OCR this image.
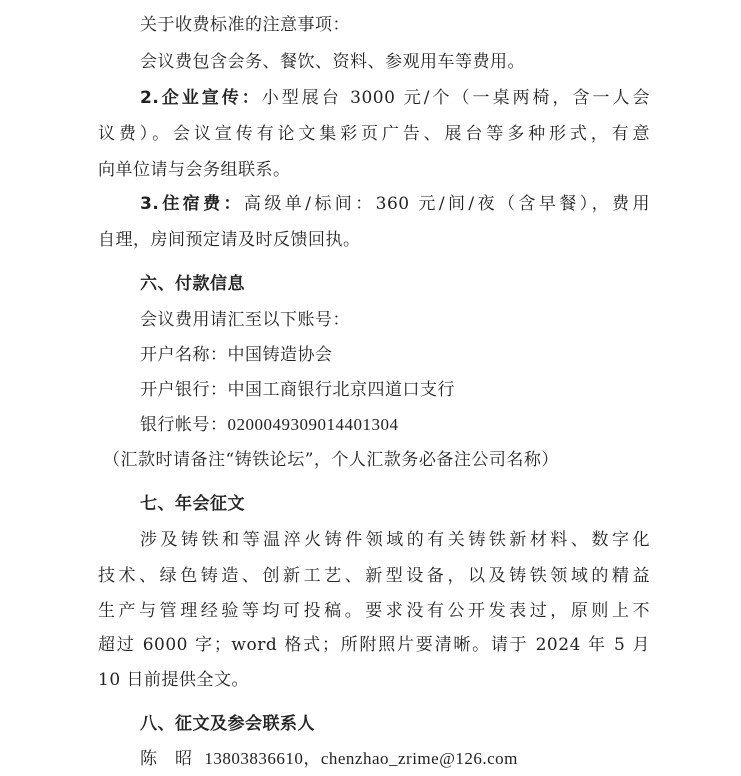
关于收费标准的注意事项：
会议费包含会务、餐饮、资料、参观用车等费用。
2.企业宣传：小型展台 3000 元/个（一桌两椅，含一人会
议费）。会议宣传有论文集彩页广告、展台等多种形式，有意
向单位请与会务组联系。
3.住宿费：高级单/标间：360 元/间/夜（含早餐），费用
自理，房间预定请及时反馈回执。
六、付款信息
会议费用请汇至以下账号：
开户名称：中国铸造协会
开户银行：中国工商银行北京四道口支行
银行帐号：0200049309014401304
（汇款时请备注“铸铁论坛”，个人汇款务必备注公司名称）
七、年会征文
涉及铸铁和等温淬火铸件领域的有关铸铁新材料、数字化
技术、绿色铸造、创新工艺、新型设备，以及铸铁领域的精益
生产与管理经验等均可投稿。要求没有公开发表过，原则上不
超过 6000 字；word 格式；所附照片要清晰。请于 2024 年 5 月
10 日前提供全文。
八、征文及参会联系人
陈　昭 13803836610，chenzhao_zrime@126.com
